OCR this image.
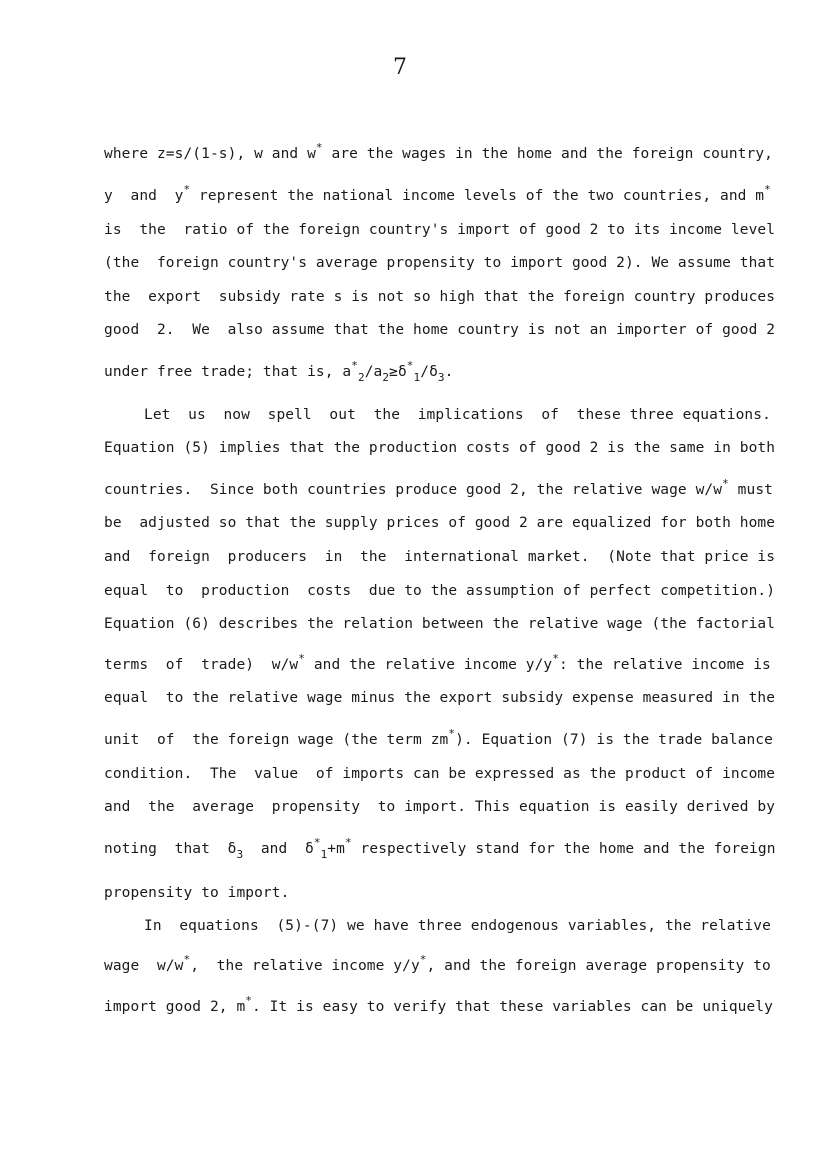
7
where z=s/(1-s), w and w* are the wages in the home and the foreign country,
y  and  y* represent the national income levels of the two countries, and m*
is  the  ratio of the foreign country's import of good 2 to its income level
(the  foreign country's average propensity to import good 2). We assume that
the  export  subsidy rate s is not so high that the foreign country produces
good  2.  We  also assume that the home country is not an importer of good 2
under free trade; that is, $a^*_2/a_2\ge\delta^*_1/\delta_3$.
Let  us  now  spell  out  the  implications  of  these three equations.
Equation (5) implies that the production costs of good 2 is the same in both
countries.  Since both countries produce good 2, the relative wage w/w* must
be  adjusted so that the supply prices of good 2 are equalized for both home
and  foreign  producers  in  the  international market.  (Note that price is
equal  to  production  costs  due to the assumption of perfect competition.)
Equation (6) describes the relation between the relative wage (the factorial
terms  of  trade)  w/w* and the relative income y/y*: the relative income is
equal  to the relative wage minus the export subsidy expense measured in the
unit  of  the foreign wage (the term zm*). Equation (7) is the trade balance
condition.  The  value  of imports can be expressed as the product of income
and  the  average  propensity  to import. This equation is easily derived by
noting  that  $\delta_3$  and  $\delta^*_1+m^*$ respectively stand for the home and the foreign
propensity to import.
In  equations  (5)-(7) we have three endogenous variables, the relative
wage  w/w*,  the relative income y/y*, and the foreign average propensity to
import good 2, m*. It is easy to verify that these variables can be uniquely
